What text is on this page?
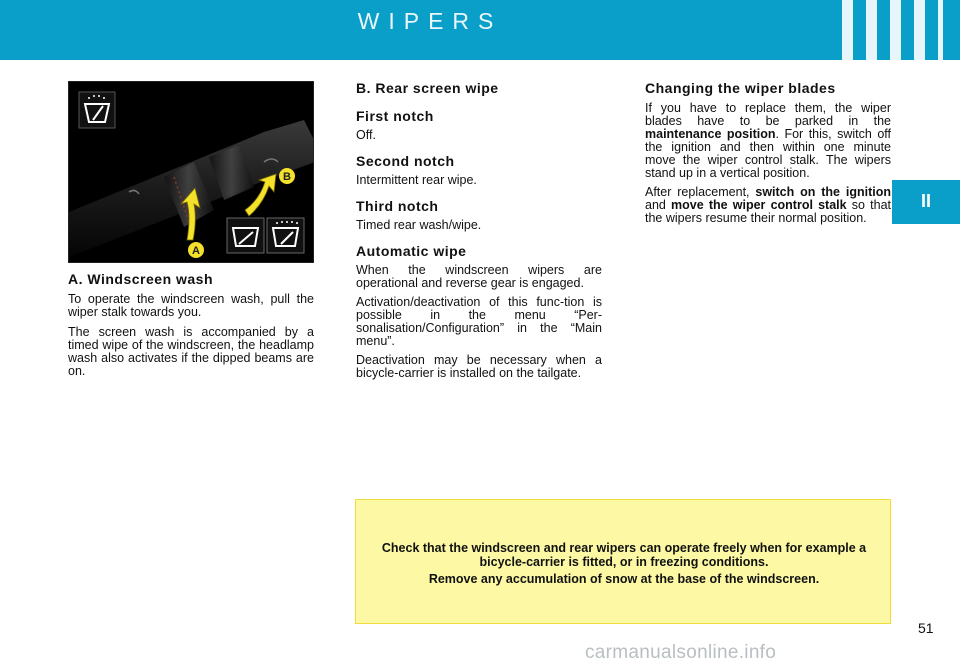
WIPERS
II
A
B
A. Windscreen wash

To operate the windscreen wash, pull the wiper stalk towards you.

The screen wash is accompanied by a timed wipe of the windscreen, the headlamp wash also activates if the dipped beams are on.

B. Rear screen wipe
First notch

Off.

Second notch

Intermittent rear wipe.

Third notch

Timed rear wash/wipe.

Automatic wipe

When the windscreen wipers are operational and reverse gear is engaged.

Activation/deactivation of this func-tion is possible in the menu “Per-sonalisation/Configuration” in the “Main menu”.

Deactivation may be necessary when a bicycle-carrier is installed on the tailgate.

Changing the wiper blades

If you have to replace them, the wiper blades have to be parked in the maintenance position. For this, switch off the ignition and then within one minute move the wiper control stalk. The wipers stand up in a vertical position.

After replacement, switch on the ignition and move the wiper control stalk so that the wipers resume their normal position.

Check that the windscreen and rear wipers can operate freely when for example a bicycle-carrier is fitted, or in freezing conditions.

Remove any accumulation of snow at the base of the windscreen.

51
carmanualsonline.info
